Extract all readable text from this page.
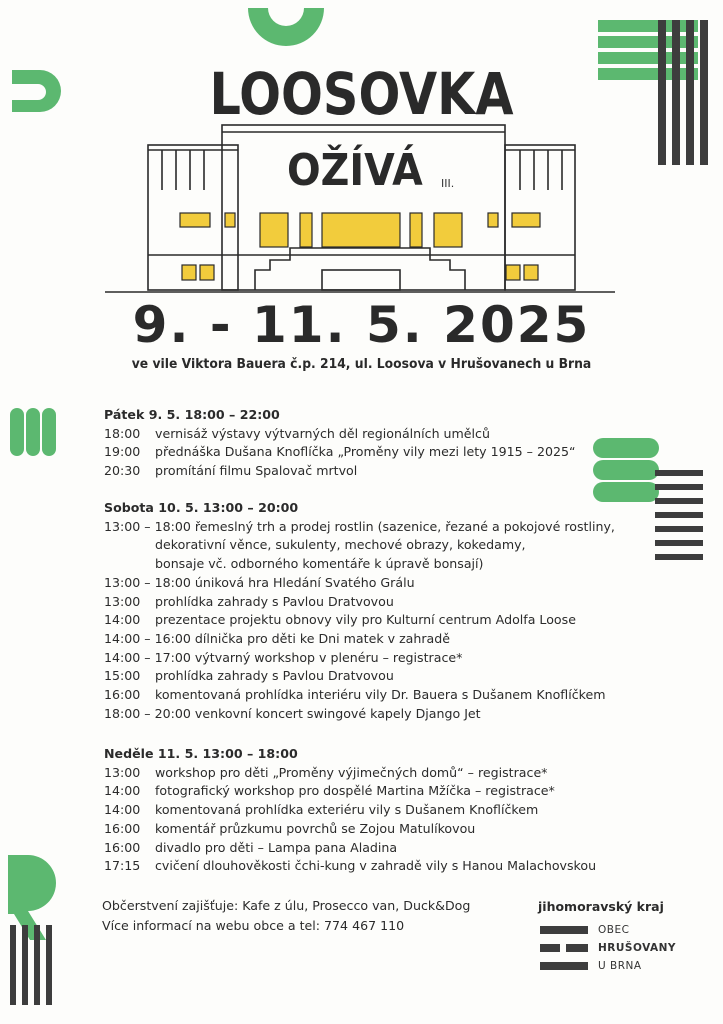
LOOSOVKA
OŽÍVÁ III.
9. - 11. 5. 2025
ve vile Viktora Bauera č.p. 214, ul. Loosova v Hrušovanech u Brna
Pátek 9. 5. 18:00 – 22:00
18:00	vernisáž výstavy výtvarných děl regionálních umělců
19:00	přednáška Dušana Knoflíčka „Proměny vily mezi lety 1915 – 2025“
20:30	promítání filmu Spalovač mrtvol
Sobota 10. 5. 13:00 – 20:00
13:00 – 18:00 řemeslný trh a prodej rostlin (sazenice, řezané a pokojové rostliny,
dekorativní věnce, sukulenty, mechové obrazy, kokedamy,
bonsaje vč. odborného komentáře k úpravě bonsají)
13:00 – 18:00 úniková hra Hledání Svatého Grálu
13:00	prohlídka zahrady s Pavlou Dratvovou
14:00	prezentace projektu obnovy vily pro Kulturní centrum Adolfa Loose
14:00 – 16:00 dílnička pro děti ke Dni matek v zahradě
14:00 – 17:00 výtvarný workshop v plenéru – registrace*
15:00	prohlídka zahrady s Pavlou Dratvovou
16:00	komentovaná prohlídka interiéru vily Dr. Bauera s Dušanem Knoflíčkem
18:00 – 20:00 venkovní koncert swingové kapely Django Jet
Neděle 11. 5. 13:00 – 18:00
13:00	workshop pro děti „Proměny výjimečných domů“ – registrace*
14:00	fotografický workshop pro dospělé Martina Mžíčka – registrace*
14:00	komentovaná prohlídka exteriéru vily s Dušanem Knoflíčkem
16:00	komentář průzkumu povrchů se Zojou Matulíkovou
16:00	divadlo pro děti – Lampa pana Aladina
17:15	cvičení dlouhověkosti čchi-kung v zahradě vily s Hanou Malachovskou
Občerstvení zajišťuje: Kafe z úlu, Prosecco van, Duck&Dog
Více informací na webu obce a tel: 774 467 110
jihomoravský kraj
OBEC
HRUŠOVANY
U BRNA
